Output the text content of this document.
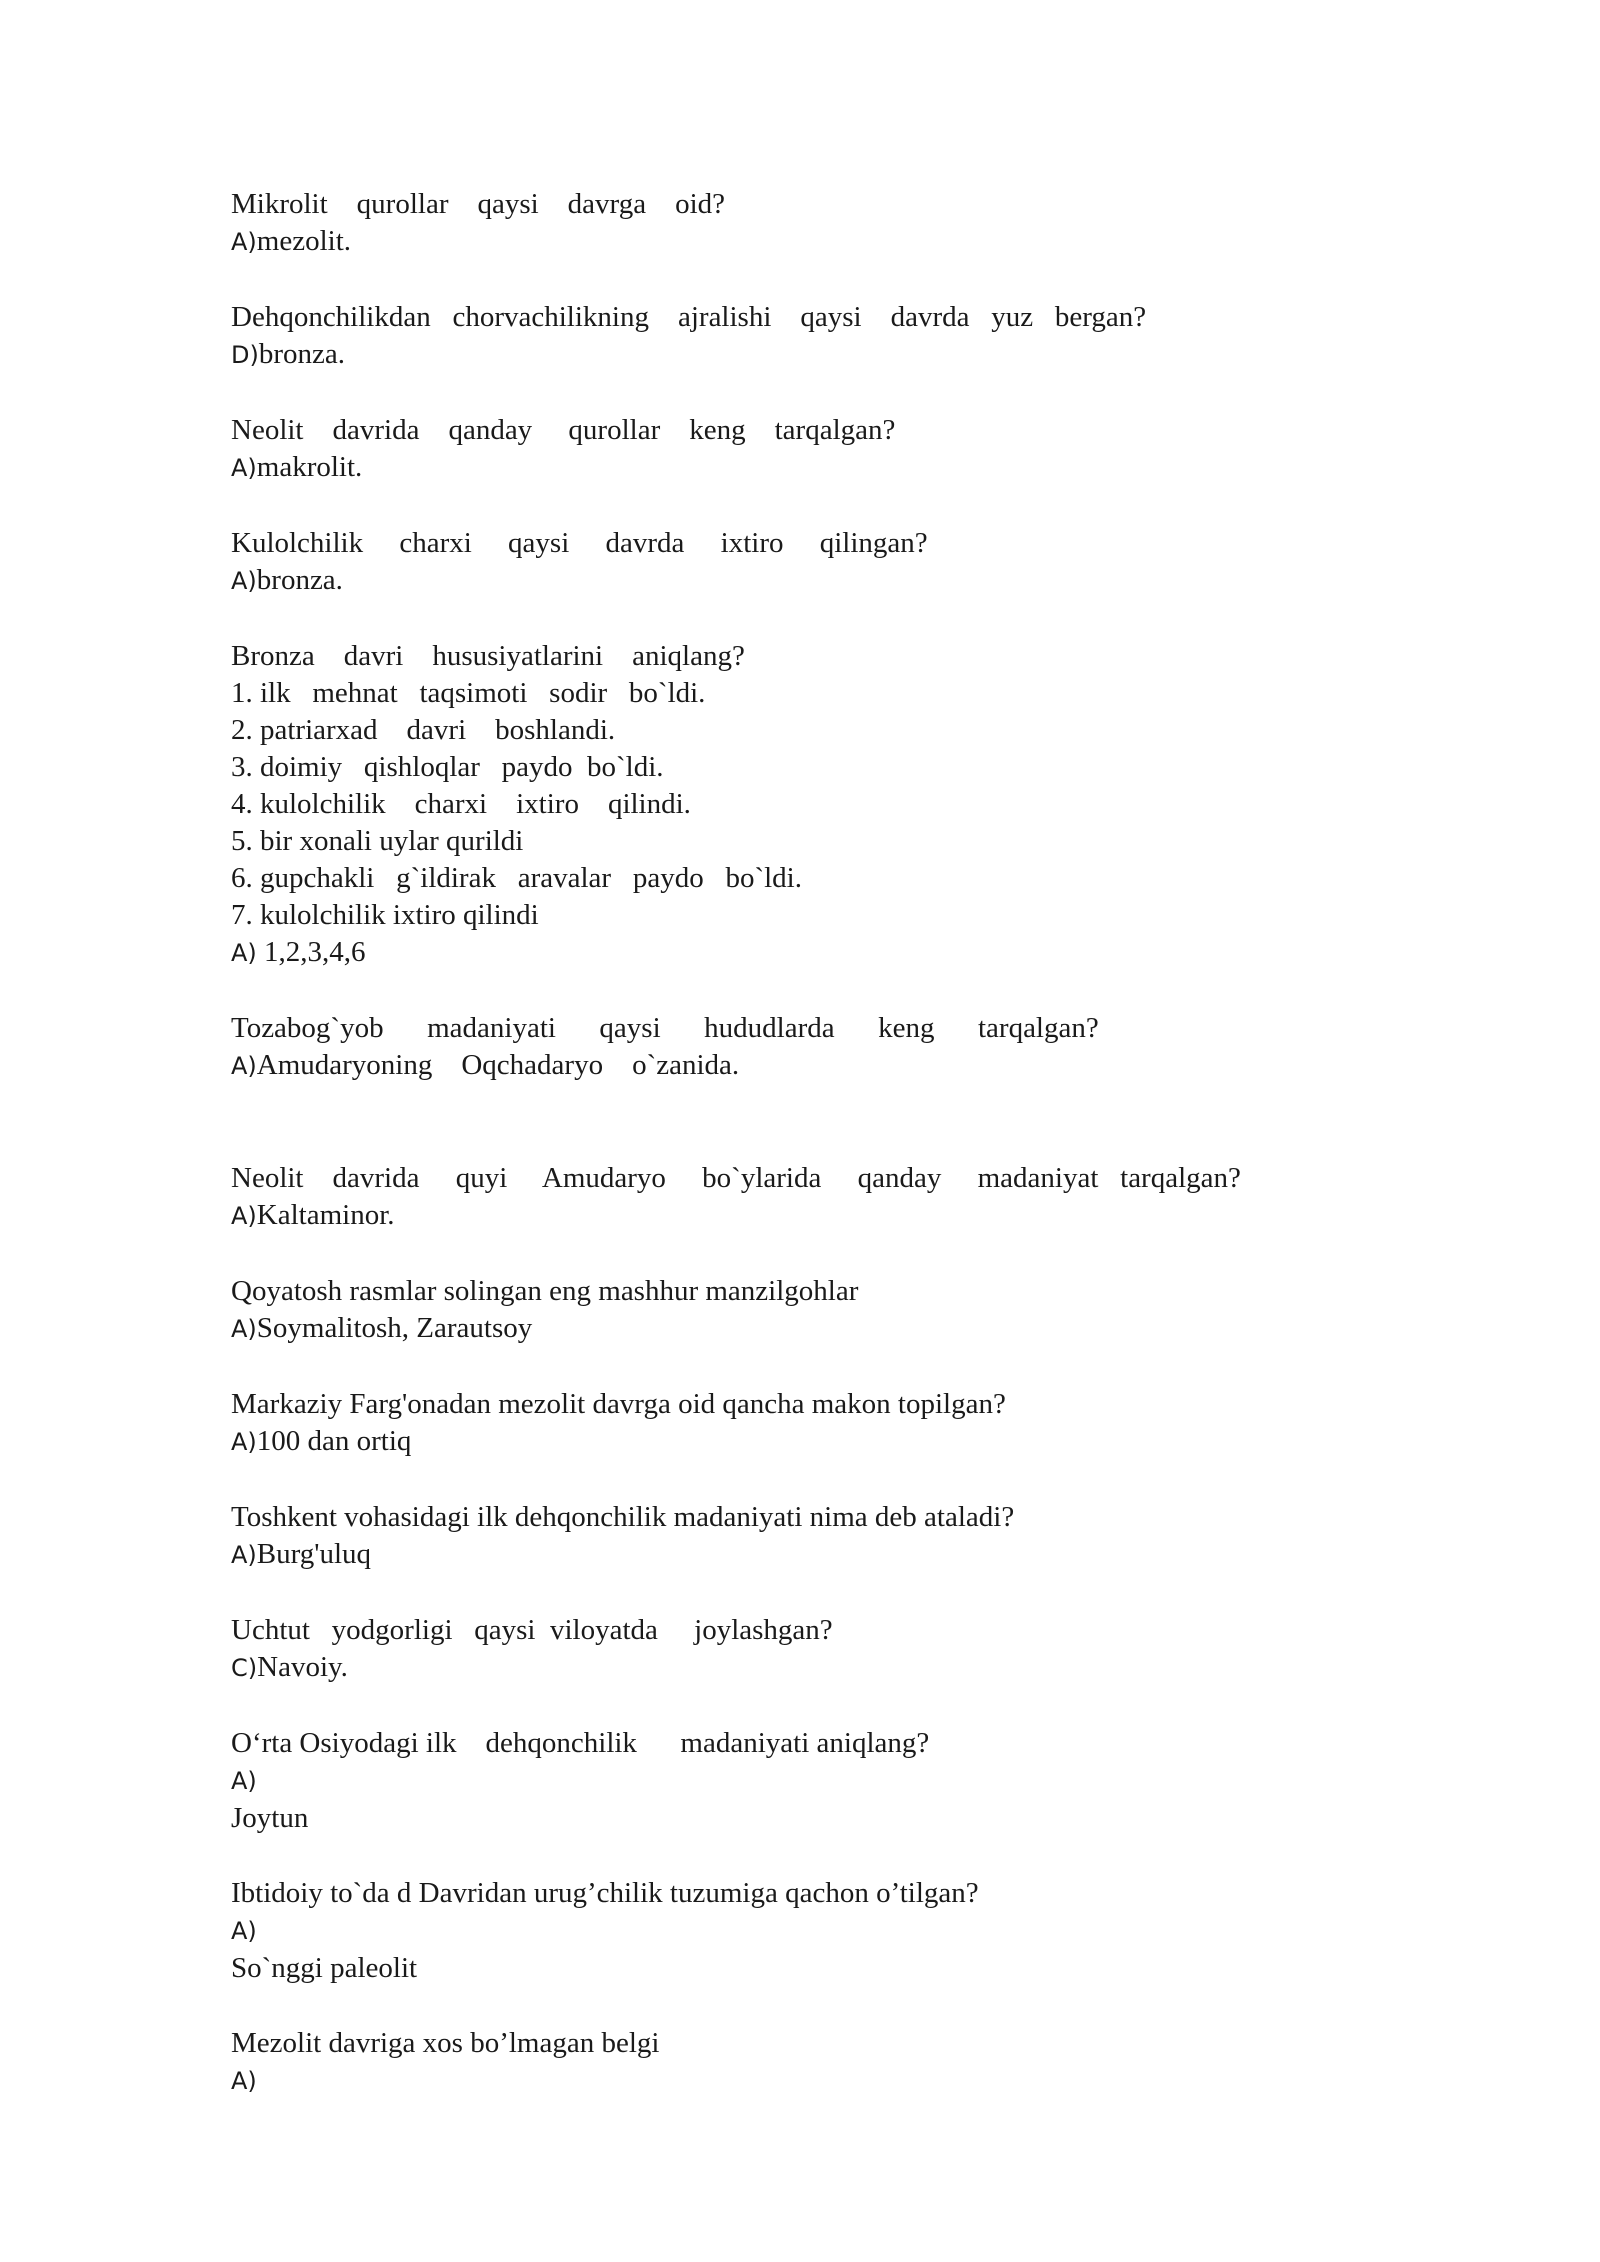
Mikrolit    qurollar    qaysi    davrga    oid?
A)mezolit.
Dehqonchilikdan   chorvachilikning    ajralishi    qaysi    davrda   yuz   bergan?
D)bronza.
Neolit    davrida    qanday     qurollar    keng    tarqalgan?
A)makrolit.
Kulolchilik     charxi     qaysi     davrda     ixtiro     qilingan?
A)bronza.
Bronza    davri    hususiyatlarini    aniqlang?
1. ilk   mehnat   taqsimoti   sodir   bo`ldi.
2. patriarxad    davri    boshlandi.
3. doimiy   qishloqlar   paydo  bo`ldi.
4. kulolchilik    charxi    ixtiro    qilindi.
5. bir xonali uylar qurildi
6. gupchakli   g`ildirak   aravalar   paydo   bo`ldi.
7. kulolchilik ixtiro qilindi
A) 1,2,3,4,6
Tozabog`yob      madaniyati      qaysi      hududlarda      keng      tarqalgan?
A)Amudaryoning    Oqchadaryo    o`zanida.
Neolit    davrida     quyi     Amudaryo     bo`ylarida     qanday     madaniyat   tarqalgan?
A)Kaltaminor.
Qoyatosh rasmlar solingan eng mashhur manzilgohlar
A)Soymalitosh, Zarautsoy
Markaziy Farg'onadan mezolit davrga oid qancha makon topilgan?
A)100 dan ortiq
Toshkent vohasidagi ilk dehqonchilik madaniyati nima deb ataladi?
A)Burg'uluq
Uchtut   yodgorligi   qaysi  viloyatda     joylashgan?
C)Navoiy.
O‘rta Osiyodagi ilk    dehqonchilik      madaniyati aniqlang?
A)
Joytun
Ibtidoiy to`da d Davridan urug’chilik tuzumiga qachon o’tilgan?
A)
So`nggi paleolit
Mezolit davriga xos bo’lmagan belgi
A)
